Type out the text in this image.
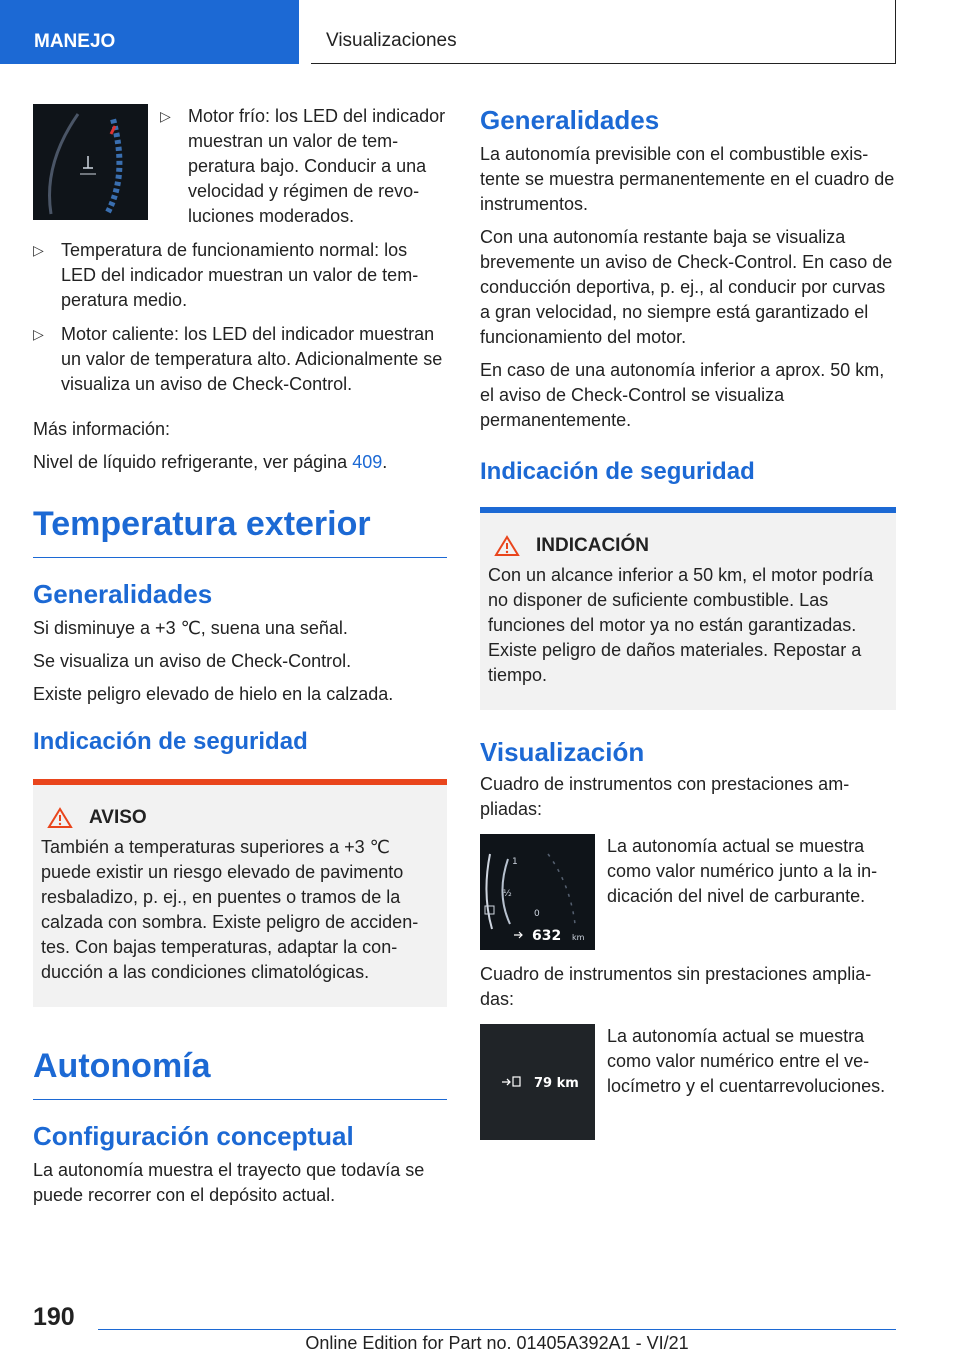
MANEJO	Visualizaciones
▷ Motor frío: los LED del indicador muestran un valor de temperatura bajo. Conducir a una velocidad y régimen de revoluciones moderados.
▷ Temperatura de funcionamiento normal: los LED del indicador muestran un valor de temperatura medio.
▷ Motor caliente: los LED del indicador muestran un valor de temperatura alto. Adicionalmente se visualiza un aviso de Check-Control.

Más información:

Nivel de líquido refrigerante, ver página 409.

Temperatura exterior
Generalidades

Si disminuye a +3 ℃, suena una señal.

Se visualiza un aviso de Check-Control.

Existe peligro elevado de hielo en la calzada.

Indicación de seguridad
AVISO

También a temperaturas superiores a +3 ℃ puede existir un riesgo elevado de pavimento resbaladizo, p. ej., en puentes o tramos de la calzada con sombra. Existe peligro de accidentes. Con bajas temperaturas, adaptar la conducción a las condiciones climatológicas.

Autonomía
Configuración conceptual

La autonomía muestra el trayecto que todavía se puede recorrer con el depósito actual.

Generalidades

La autonomía previsible con el combustible existente se muestra permanentemente en el cuadro de instrumentos.

Con una autonomía restante baja se visualiza brevemente un aviso de Check-Control. En caso de conducción deportiva, p. ej., al conducir por curvas a gran velocidad, no siempre está garantizado el funcionamiento del motor.

En caso de una autonomía inferior a aprox. 50 km, el aviso de Check-Control se visualiza permanentemente.

Indicación de seguridad
INDICACIÓN

Con un alcance inferior a 50 km, el motor podría no disponer de suficiente combustible. Las funciones del motor ya no están garantizadas. Existe peligro de daños materiales. Repostar a tiempo.

Visualización

Cuadro de instrumentos con prestaciones ampliadas:

1
½
0
632 km

La autonomía actual se muestra como valor numérico junto a la indicación del nivel de carburante.

Cuadro de instrumentos sin prestaciones ampliadas:

79 km

La autonomía actual se muestra como valor numérico entre el velocímetro y el cuentarrevoluciones.

190
Online Edition for Part no. 01405A392A1 - VI/21
